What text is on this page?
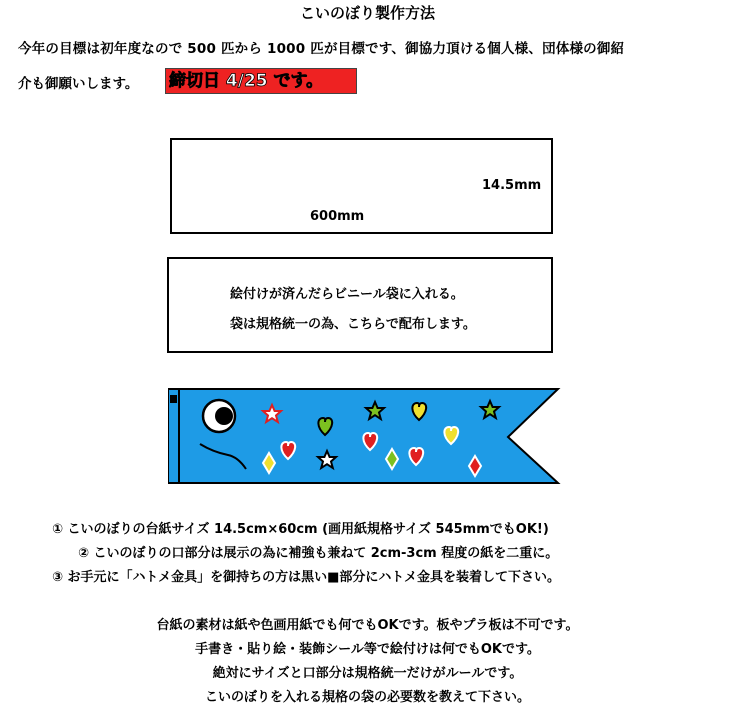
こいのぼり製作方法
今年の目標は初年度なので 500 匹から 1000 匹が目標です、御協力頂ける個人様、団体様の御紹
介も御願いします。 締切日 4/25 です。
14.5mm
600mm
絵付けが済んだらビニール袋に入れる。
袋は規格統一の為、こちらで配布します。
① こいのぼりの台紙サイズ 14.5cm×60cm (画用紙規格サイズ 545mmでもOK!)
② こいのぼりの口部分は展示の為に補強も兼ねて 2cm-3cm 程度の紙を二重に。
③ お手元に「ハトメ金具」を御持ちの方は黒い■部分にハトメ金具を装着して下さい。
台紙の素材は紙や色画用紙でも何でもOKです。板やプラ板は不可です。
手書き・貼り絵・装飾シール等で絵付けは何でもOKです。
絶対にサイズと口部分は規格統一だけがルールです。
こいのぼりを入れる規格の袋の必要数を教えて下さい。
